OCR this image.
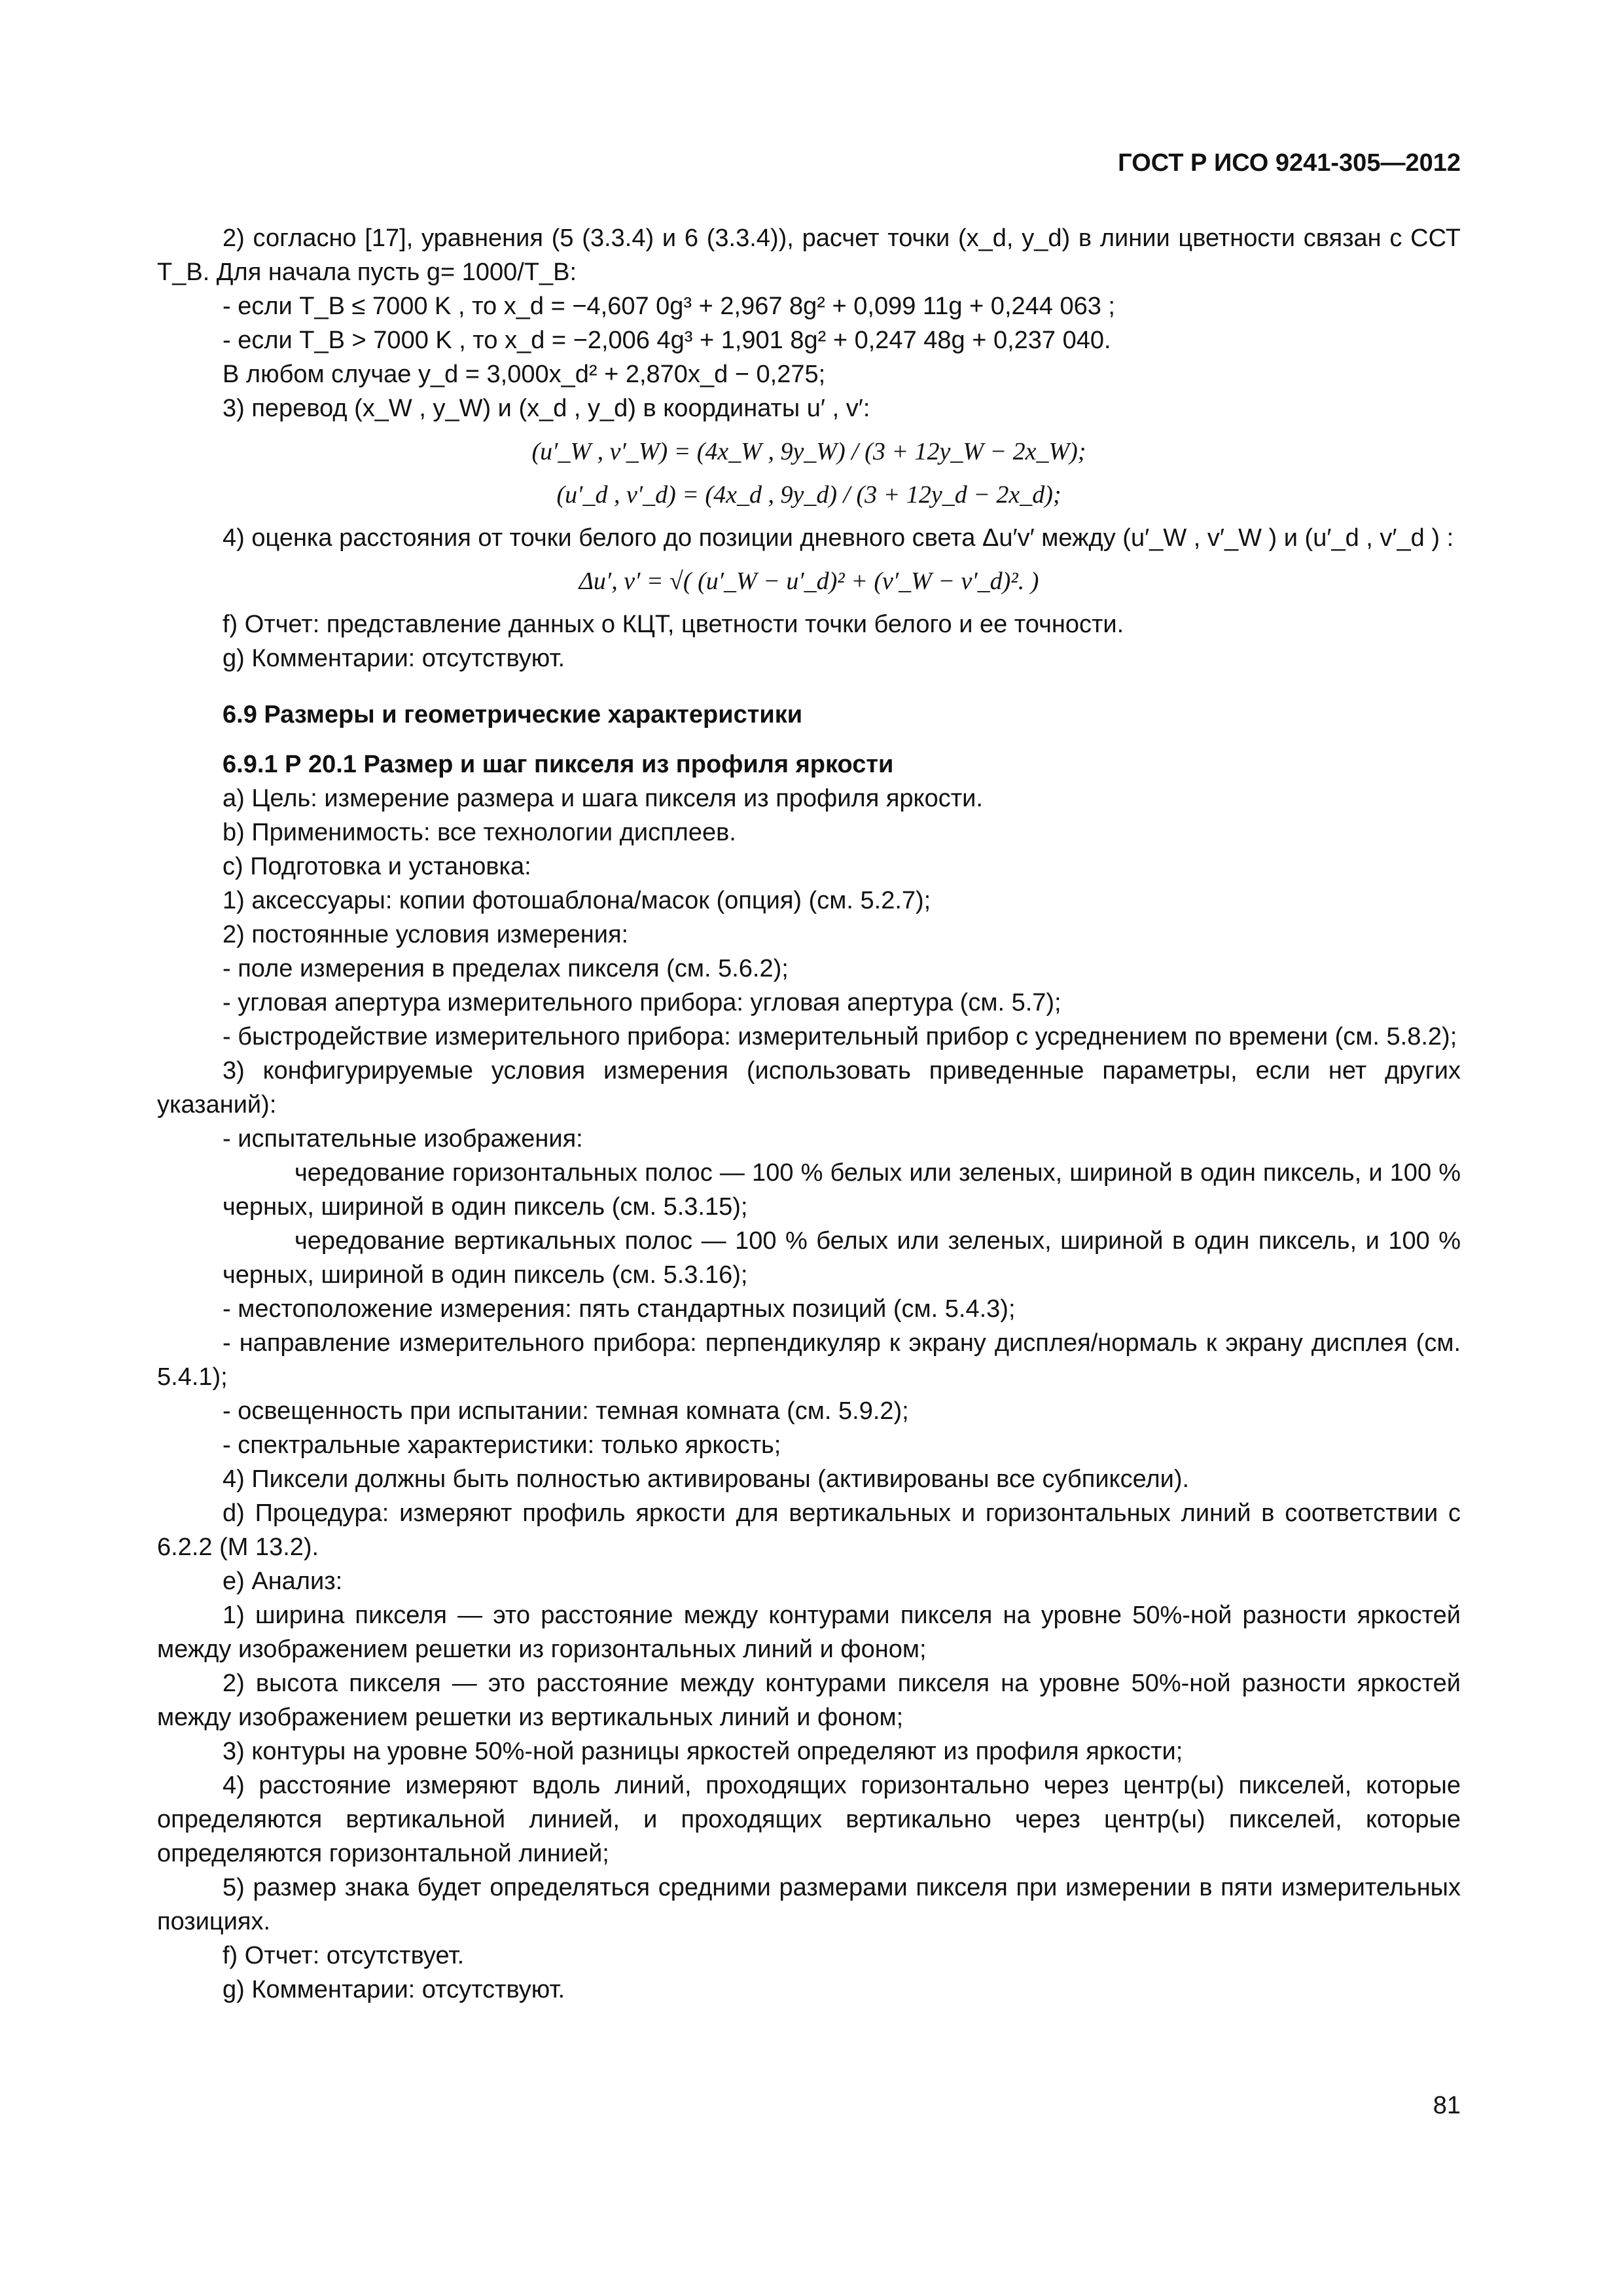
ГОСТ Р ИСО 9241-305—2012

2) согласно [17], уравнения (5 (3.3.4) и 6 (3.3.4)), расчет точки (x_d, y_d) в линии цветности связан с ССТ T_B. Для начала пусть g= 1000/T_B:

- если T_B ≤ 7000 K , то x_d = −4,607 0g³ + 2,967 8g² + 0,099 11g + 0,244 063 ;

- если T_B > 7000 K , то x_d = −2,006 4g³ + 1,901 8g² + 0,247 48g + 0,237 040.

В любом случае y_d = 3,000x_d² + 2,870x_d − 0,275;

3) перевод (x_W , y_W) и (x_d , y_d) в координаты u′ , v′:

(u′_W , v′_W) = (4x_W , 9y_W) / (3 + 12y_W − 2x_W);

(u′_d , v′_d) = (4x_d , 9y_d) / (3 + 12y_d − 2x_d);

4) оценка расстояния от точки белого до позиции дневного света Δu′v′ между (u′_W , v′_W ) и (u′_d , v′_d ) :

Δu′, v′ = √( (u′_W − u′_d)² + (v′_W − v′_d)². )

f) Отчет: представление данных о КЦТ, цветности точки белого и ее точности.

g) Комментарии: отсутствуют.

6.9 Размеры и геометрические характеристики

6.9.1 Р 20.1 Размер и шаг пикселя из профиля яркости

a) Цель: измерение размера и шага пикселя из профиля яркости.

b) Применимость: все технологии дисплеев.

c) Подготовка и установка:

1) аксессуары: копии фотошаблона/масок (опция) (см. 5.2.7);

2) постоянные условия измерения:

- поле измерения в пределах пикселя (см. 5.6.2);

- угловая апертура измерительного прибора: угловая апертура (см. 5.7);

- быстродействие измерительного прибора: измерительный прибор с усреднением по времени (см. 5.8.2);

3) конфигурируемые условия измерения (использовать приведенные параметры, если нет других указаний):

- испытательные изображения:

чередование горизонтальных полос — 100 % белых или зеленых, шириной в один пиксель, и 100 % черных, шириной в один пиксель (см. 5.3.15);

чередование вертикальных полос — 100 % белых или зеленых, шириной в один пиксель, и 100 % черных, шириной в один пиксель (см. 5.3.16);

- местоположение измерения: пять стандартных позиций (см. 5.4.3);

- направление измерительного прибора: перпендикуляр к экрану дисплея/нормаль к экрану дисплея (см. 5.4.1);

- освещенность при испытании: темная комната (см. 5.9.2);

- спектральные характеристики: только яркость;

4) Пиксели должны быть полностью активированы (активированы все субпиксели).

d) Процедура: измеряют профиль яркости для вертикальных и горизонтальных линий в соответствии с 6.2.2 (М 13.2).

e) Анализ:

1) ширина пикселя — это расстояние между контурами пикселя на уровне 50%-ной разности яркостей между изображением решетки из горизонтальных линий и фоном;

2) высота пикселя — это расстояние между контурами пикселя на уровне 50%-ной разности яркостей между изображением решетки из вертикальных линий и фоном;

3) контуры на уровне 50%-ной разницы яркостей определяют из профиля яркости;

4) расстояние измеряют вдоль линий, проходящих горизонтально через центр(ы) пикселей, которые определяются вертикальной линией, и проходящих вертикально через центр(ы) пикселей, которые определяются горизонтальной линией;

5) размер знака будет определяться средними размерами пикселя при измерении в пяти измерительных позициях.

f) Отчет: отсутствует.

g) Комментарии: отсутствуют.

81
